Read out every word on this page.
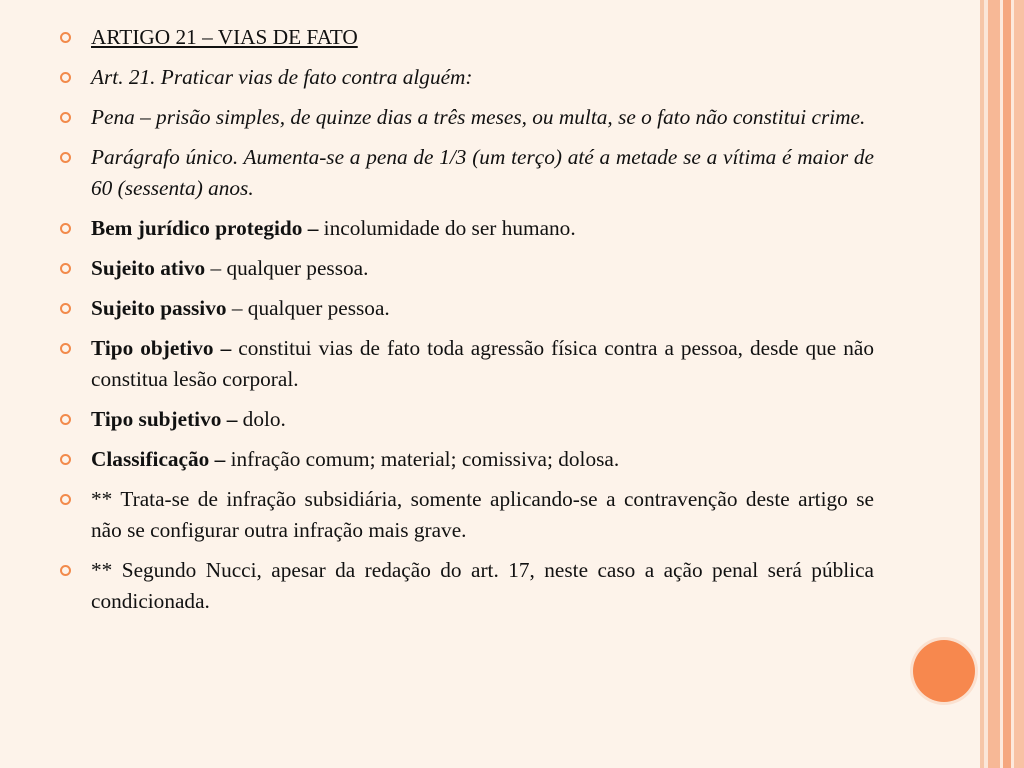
ARTIGO 21 – VIAS DE FATO
Art. 21. Praticar vias de fato contra alguém:
Pena – prisão simples, de quinze dias a três meses, ou multa, se o fato não constitui crime.
Parágrafo único. Aumenta-se a pena de 1/3 (um terço) até a metade se a vítima é maior de 60 (sessenta) anos.
Bem jurídico protegido – incolumidade do ser humano.
Sujeito ativo – qualquer pessoa.
Sujeito passivo – qualquer pessoa.
Tipo objetivo – constitui vias de fato toda agressão física contra a pessoa, desde que não constitua lesão corporal.
Tipo subjetivo – dolo.
Classificação – infração comum; material; comissiva; dolosa.
** Trata-se de infração subsidiária, somente aplicando-se a contravenção deste artigo se não se configurar outra infração mais grave.
** Segundo Nucci, apesar da redação do art. 17, neste caso a ação penal será pública condicionada.
